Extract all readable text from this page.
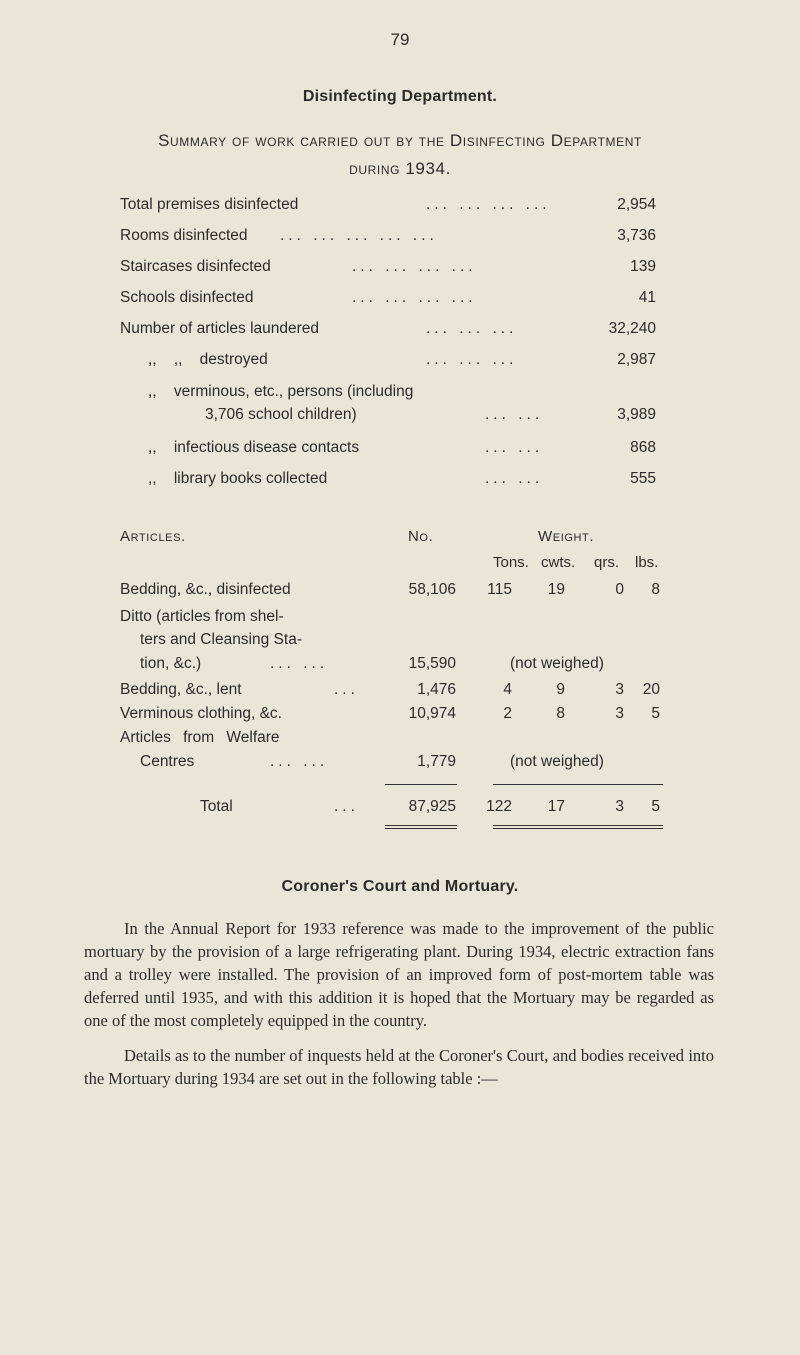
79
Disinfecting Department.
Summary of work carried out by the Disinfecting Department
during 1934.
Total premises disinfected	... ... ... ...	2,954
Rooms disinfected ... ... ... ... ...	3,736
Staircases disinfected	... ... ... ...	139
Schools disinfected	... ... ... ...	41
Number of articles laundered	... ... ...	32,240
,,    ,,    destroyed	... ... ...	2,987
,,    verminous, etc., persons (including
3,706 school children)	... ...	3,989
,,    infectious disease contacts	... ...	868
,,    library books collected	... ...	555
Articles.	No.	Weight.
Tons. cwts. qrs. lbs.
Bedding, &c., disinfected	58,106	115	19	0	8
Ditto (articles from shel-
ters and Cleansing Sta-
tion, &c.)	... ...	15,590	(not weighed)
Bedding, &c., lent	...	1,476	4	9	3	20
Verminous clothing, &c.	10,974	2	8	3	5
Articles from Welfare
Centres	... ...	1,779	(not weighed)
Total	...	87,925	122	17	3	5
Coroner's Court and Mortuary.

In the Annual Report for 1933 reference was made to the improvement of the public mortuary by the provision of a large refrigerating plant. During 1934, electric extraction fans and a trolley were installed. The provision of an improved form of post-mortem table was deferred until 1935, and with this addition it is hoped that the Mortuary may be regarded as one of the most completely equipped in the country.

Details as to the number of inquests held at the Coroner's Court, and bodies received into the Mortuary during 1934 are set out in the following table :—
